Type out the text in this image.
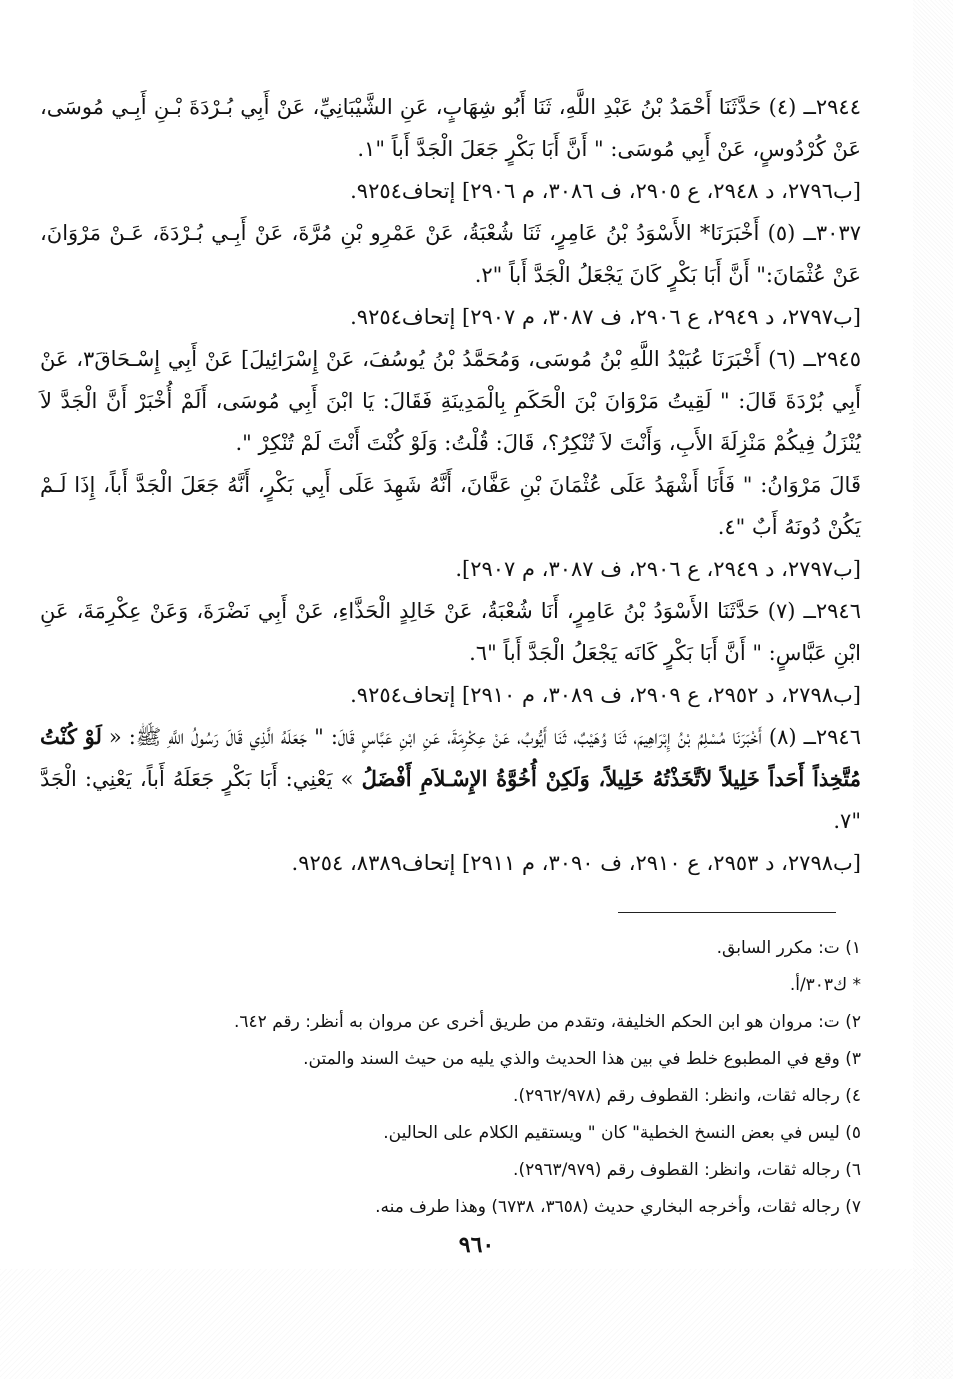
٢٩٤٤ــ (٤) حَدَّثَنَا أَحْمَدُ بْنُ عَبْدِ اللَّهِ، ثَنَا أَبُو شِهَابٍ، عَنِ الشَّيْبَانِيِّ، عَنْ أَبِي بُـرْدَةَ بْـنِ أَبِـي مُوسَى، عَنْ كُرْدُوسٍ، عَنْ أَبِي مُوسَى: " أَنَّ أَبَا بَكْرٍ جَعَلَ الْجَدَّ أَباً "١.

[ب٢٧٩٦، د ٢٩٤٨، ع ٢٩٠٥، ف ٣٠٨٦، م ٢٩٠٦] إتحاف٩٢٥٤.

٣٠٣٧ــ (٥) أَخْبَرَنَا* الأَسْوَدُ بْنُ عَامِرٍ، ثَنَا شُعْبَةُ، عَنْ عَمْرِو بْنِ مُرَّةَ، عَنْ أَبِـي بُـرْدَةَ، عَـنْ مَرْوَانَ، عَنْ عُثْمَانَ:" أَنَّ أَبَا بَكْرٍ كَانَ يَجْعَلُ الْجَدَّ أَباً "٢.

[ب٢٧٩٧، د ٢٩٤٩، ع ٢٩٠٦، ف ٣٠٨٧، م ٢٩٠٧] إتحاف٩٢٥٤.

٢٩٤٥ــ (٦) أَخْبَرَنَا عُبَيْدُ اللَّهِ بْنُ مُوسَى، وَمُحَمَّدُ بْنُ يُوسُفَ، عَنْ إِسْرَائِيلَ] عَنْ أَبِي إِسْـحَاقَ٣، عَنْ أَبِي بُرْدَةَ قَالَ: " لَقِيتُ مَرْوَانَ بْنَ الْحَكَمِ بِالْمَدِينَةِ فَقَالَ: يَا ابْنَ أَبِي مُوسَى، أَلَمْ أُخْبَرْ أَنَّ الْجَدَّ لاَ يُنْزَلُ فِيكُمْ مَنْزِلَةَ الأَبِ، وَأَنْتَ لاَ تُنْكِرُ؟، قَالَ: قُلْتُ: وَلَوْ كُنْتَ أَنْتَ لَمْ تُنْكِرْ ".

قَالَ مَرْوَانُ: " فَأَنَا أَشْهَدُ عَلَى عُثْمَانَ بْنِ عَفَّانَ، أَنَّهُ شَهِدَ عَلَى أَبِي بَكْرٍ، أَنَّهُ جَعَلَ الْجَدَّ أَباً، إِذَا لَـمْ يَكُنْ دُونَهُ أَبٌ "٤.

[ب٢٧٩٧، د ٢٩٤٩، ع ٢٩٠٦، ف ٣٠٨٧، م ٢٩٠٧].

٢٩٤٦ــ (٧) حَدَّثَنَا الأَسْوَدُ بْنُ عَامِرٍ، أَنَا شُعْبَةُ، عَنْ خَالِدٍ الْحَذَّاءِ، عَنْ أَبِي نَضْرَةَ، وَعَنْ عِكْرِمَةَ، عَنِ ابْنِ عَبَّاسٍ: " أَنَّ أَبَا بَكْرٍ كَانَه يَجْعَلُ الْجَدَّ أَباً "٦.

[ب٢٧٩٨، د ٢٩٥٢، ع ٢٩٠٩، ف ٣٠٨٩، م ٢٩١٠] إتحاف٩٢٥٤.

٢٩٤٦ــ (٨) أَخْبَرَنَا مُسْلِمُ بْنُ إِبْرَاهِيمَ، ثَنَا وُهَيْبٌ، ثَنَا أَيُّوبُ، عَنْ عِكْرِمَةَ، عَنِ ابْنِ عَبَّاسٍ قَالَ: " جَعَلَهُ الَّذِي قَالَ رَسُولُ اللَّهِ ﷺ: « لَوْ كُنْتُ مُتَّخِذاً أَحَداً خَلِيلاً لاَتَّخَذْتُهُ خَلِيلاً، وَلَكِنْ أُخُوَّةُ الإِسْـلاَمِ أَفْضَلُ » يَعْنِي: أَبَا بَكْرٍ جَعَلَهُ أَباً، يَعْنِي: الْجَدَّ "٧.

[ب٢٧٩٨، د ٢٩٥٣، ع ٢٩١٠، ف ٣٠٩٠، م ٢٩١١] إتحاف٨٣٨٩، ٩٢٥٤.

١) ت: مكرر السابق.
* ك٣٠٣/أ.
٢) ت: مروان هو ابن الحكم الخليفة، وتقدم من طريق أخرى عن مروان به أنظر: رقم ٦٤٢.
٣) وقع في المطبوع خلط في بين هذا الحديث والذي يليه من حيث السند والمتن.
٤) رجاله ثقات، وانظر: القطوف رقم (٢٩٦٢/٩٧٨).
٥) ليس في بعض النسخ الخطية" كان " ويستقيم الكلام على الحالين.
٦) رجاله ثقات، وانظر: القطوف رقم (٢٩٦٣/٩٧٩).
٧) رجاله ثقات، وأخرجه البخاري حديث (٣٦٥٨، ٦٧٣٨) وهذا طرف منه.
٩٦٠
